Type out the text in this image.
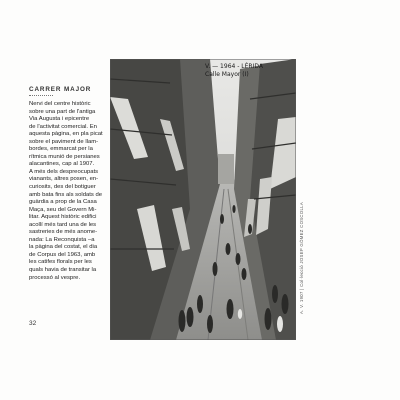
CARRER MAJOR

Nervi del centre històric
sobre una part de l'antiga
Via Augusta i epicentre
de l'activitat comercial. En
aquesta pàgina, en pla picat
sobre el paviment de llam-
bordes, emmarcat per la
rítmica munió de persianes
alacantines, cap al 1907.
A més dels despreocupats
vianants, altres posen, en-
curiosits, des del botiguer
amb bata fins als soldats de
guàrdia a prop de la Casa
Maça, seu del Govern Mi-
litar. Aquest històric edifici
acollí més tard una de les
sastreries de més anome-
nada: La Reconquista –a
la pàgina del costat, el dia
de Corpus del 1963, amb
les catifes florals per les
quals havia de transitar la
processó al vespre.

32
V. — 1964 - LÉRIDA
Calle Mayor (I)
A. V. 1907 | Col·lecció JOSEP GÓMEZ COSCOLLA
